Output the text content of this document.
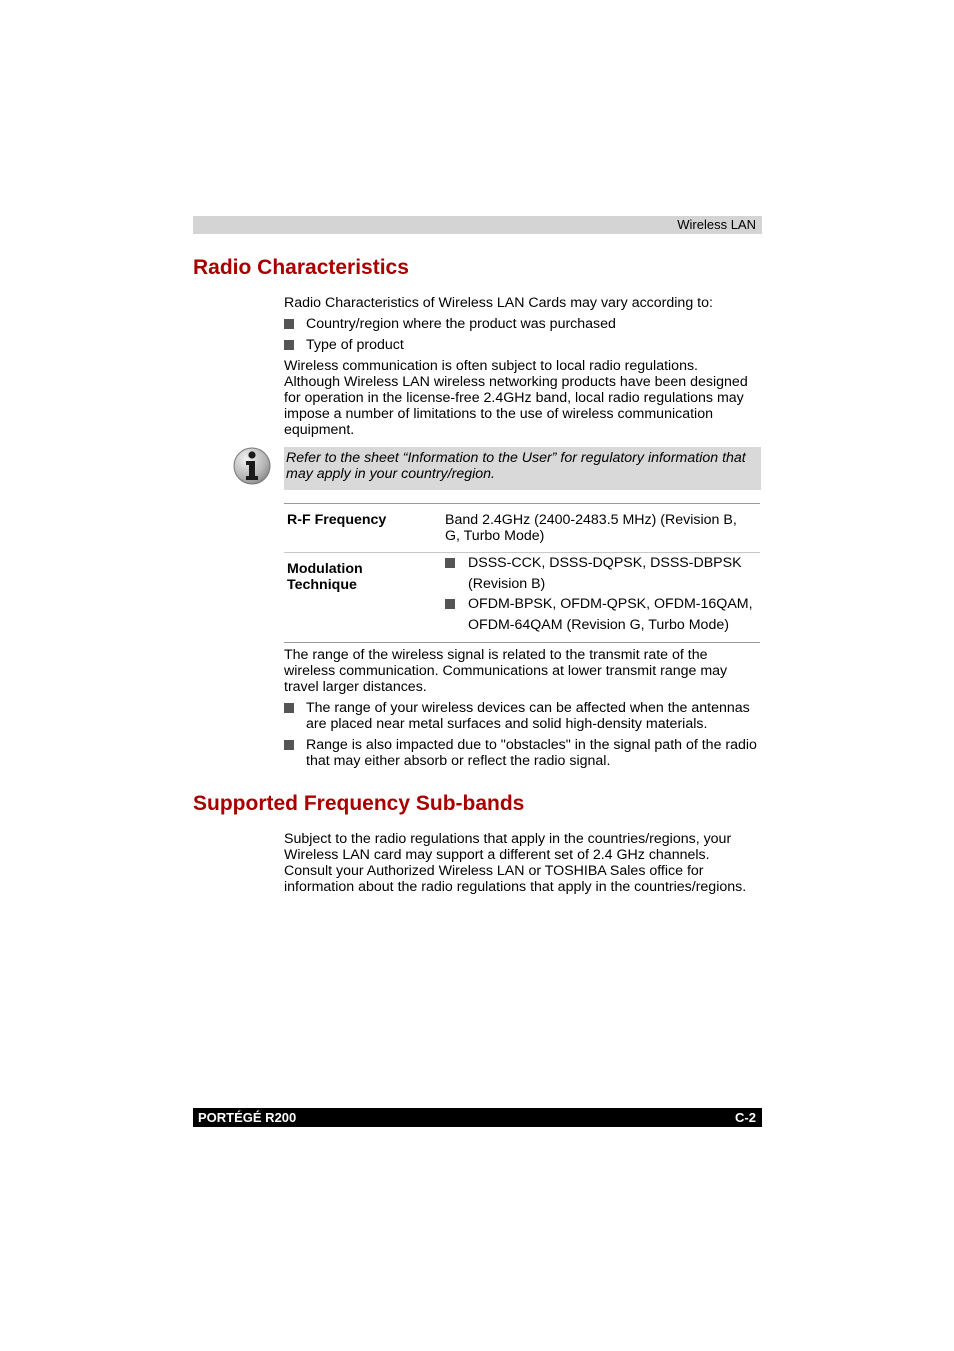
Wireless LAN
Radio Characteristics

Radio Characteristics of Wireless LAN Cards may vary according to:

Country/region where the product was purchased
Type of product
Wireless communication is often subject to local radio regulations.
Although Wireless LAN wireless networking products have been designed
for operation in the license-free 2.4GHz band, local radio regulations may
impose a number of limitations to the use of wireless communication
equipment.

Refer to the sheet “Information to the User” for regulatory information that
may apply in your country/region.

R-F Frequency	Band 2.4GHz (2400-2483.5 MHz) (Revision B,
G, Turbo Mode)
Modulation
Technique
DSSS-CCK, DSSS-DQPSK, DSSS-DBPSK
(Revision B)
OFDM-BPSK, OFDM-QPSK, OFDM-16QAM,
OFDM-64QAM (Revision G, Turbo Mode)
The range of the wireless signal is related to the transmit rate of the
wireless communication. Communications at lower transmit range may
travel larger distances.
The range of your wireless devices can be affected when the antennas
are placed near metal surfaces and solid high-density materials.
Range is also impacted due to "obstacles" in the signal path of the radio
that may either absorb or reflect the radio signal.
Supported Frequency Sub-bands
Subject to the radio regulations that apply in the countries/regions, your
Wireless LAN card may support a different set of 2.4 GHz channels.
Consult your Authorized Wireless LAN or TOSHIBA Sales office for
information about the radio regulations that apply in the countries/regions.
PORTÉGÉ R200	C-2
